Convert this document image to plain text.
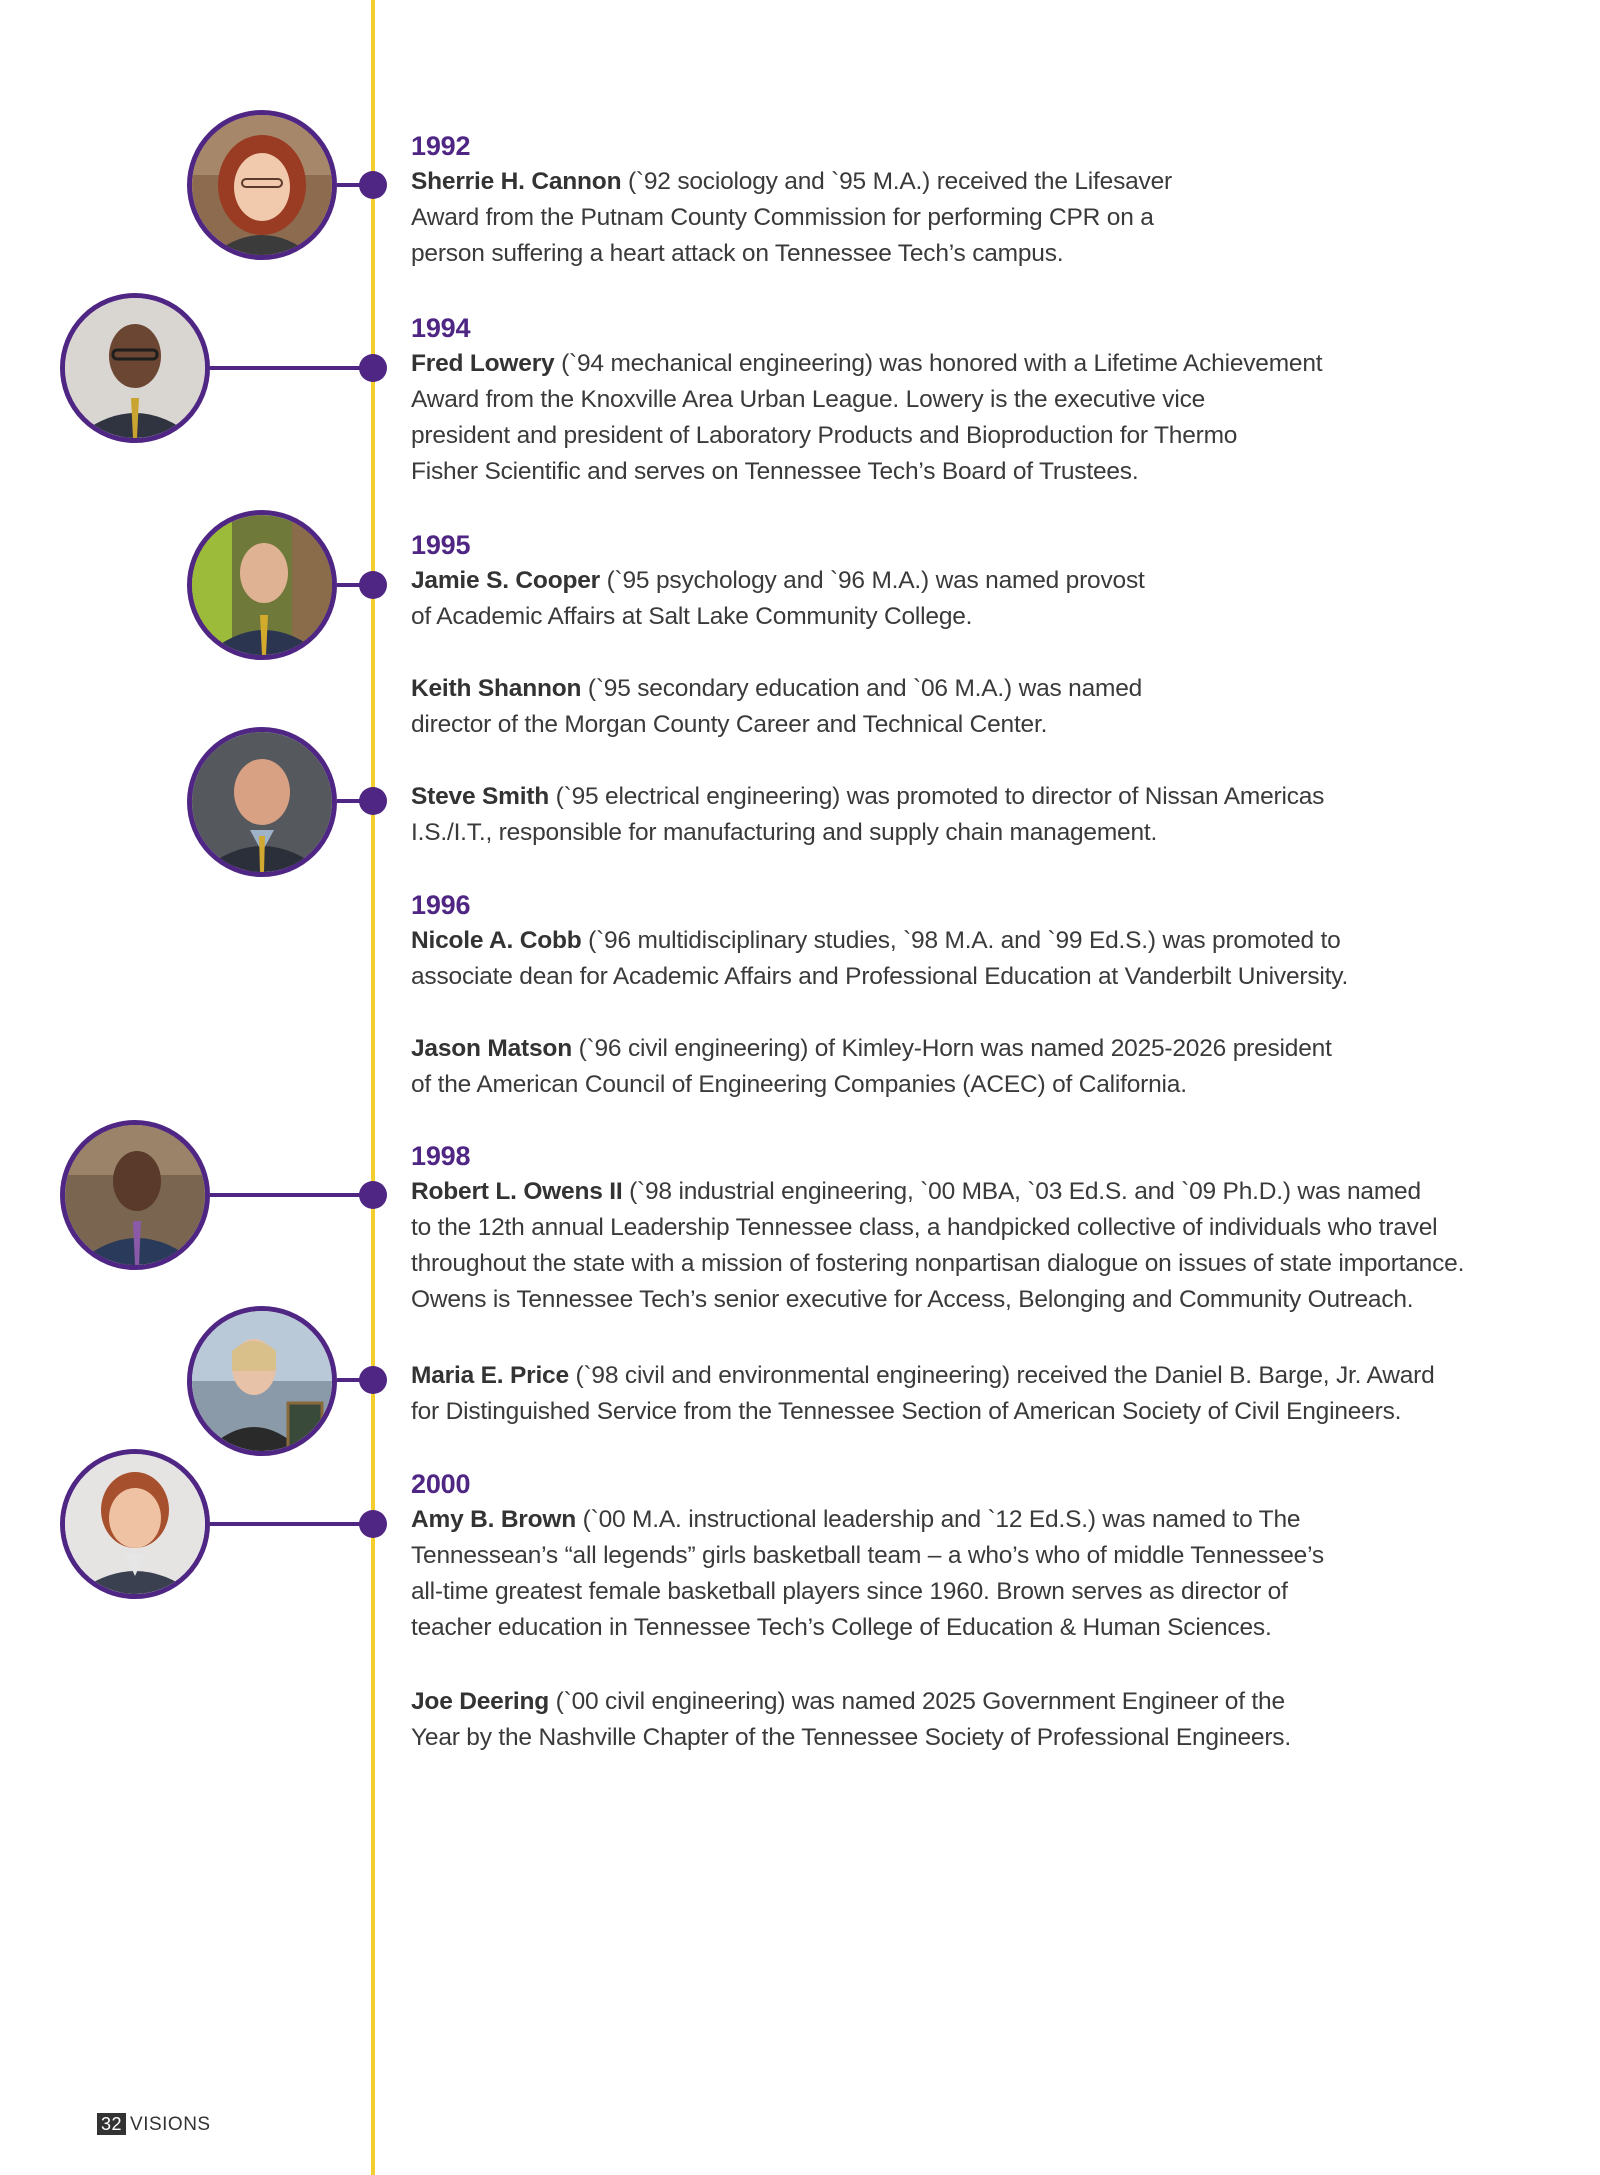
1992
Sherrie H. Cannon (`92 sociology and `95 M.A.) received the Lifesaver
Award from the Putnam County Commission for performing CPR on a
person suffering a heart attack on Tennessee Tech’s campus.
1994
Fred Lowery (`94 mechanical engineering) was honored with a Lifetime Achievement
Award from the Knoxville Area Urban League. Lowery is the executive vice
president and president of Laboratory Products and Bioproduction for Thermo
Fisher Scientific and serves on Tennessee Tech’s Board of Trustees.
1995
Jamie S. Cooper (`95 psychology and `96 M.A.) was named provost
of Academic Affairs at Salt Lake Community College.
Keith Shannon (`95 secondary education and `06 M.A.) was named
director of the Morgan County Career and Technical Center.
Steve Smith (`95 electrical engineering) was promoted to director of Nissan Americas
I.S./I.T., responsible for manufacturing and supply chain management.
1996
Nicole A. Cobb (`96 multidisciplinary studies, `98 M.A. and `99 Ed.S.) was promoted to
associate dean for Academic Affairs and Professional Education at Vanderbilt University.
Jason Matson (`96 civil engineering) of Kimley-Horn was named 2025-2026 president
of the American Council of Engineering Companies (ACEC) of California.
1998
Robert L. Owens II (`98 industrial engineering, `00 MBA, `03 Ed.S. and `09 Ph.D.) was named
to the 12th annual Leadership Tennessee class, a handpicked collective of individuals who travel
throughout the state with a mission of fostering nonpartisan dialogue on issues of state importance.
Owens is Tennessee Tech’s senior executive for Access, Belonging and Community Outreach.
Maria E. Price (`98 civil and environmental engineering) received the Daniel B. Barge, Jr. Award
for Distinguished Service from the Tennessee Section of American Society of Civil Engineers.
2000
Amy B. Brown (`00 M.A. instructional leadership and `12 Ed.S.) was named to The
Tennessean’s “all legends” girls basketball team – a who’s who of middle Tennessee’s
all-time greatest female basketball players since 1960. Brown serves as director of
teacher education in Tennessee Tech’s College of Education & Human Sciences.
Joe Deering (`00 civil engineering) was named 2025 Government Engineer of the
Year by the Nashville Chapter of the Tennessee Society of Professional Engineers.
32 VISIONS
